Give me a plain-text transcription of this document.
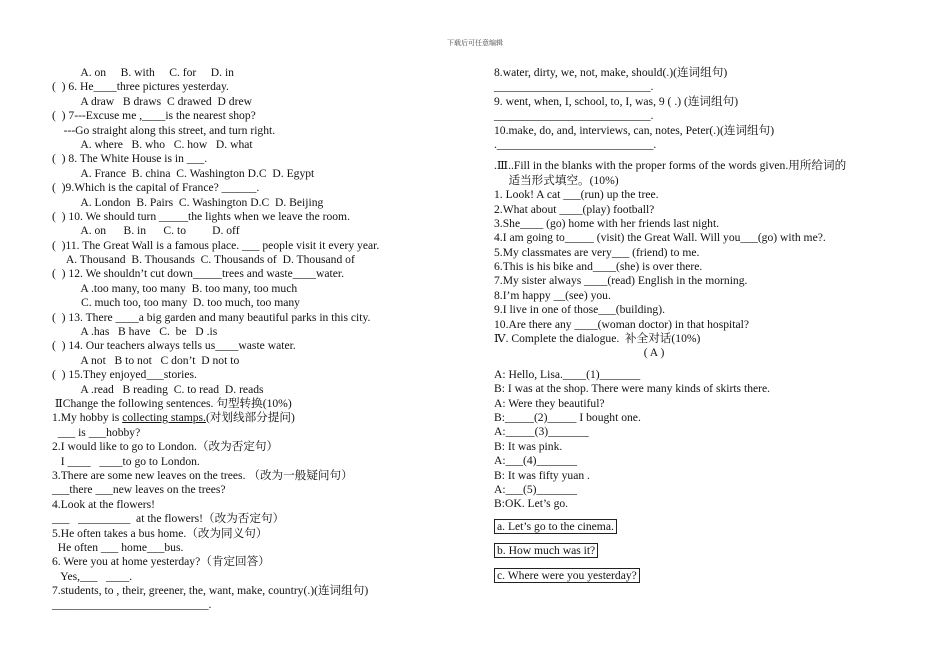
下载后可任意编辑
A. on     B. with     C. for     D. in
(  ) 6. He____three pictures yesterday.
A draw   B draws  C drawed  D drew
(  ) 7---Excuse me ,____is the nearest shop?
---Go straight along this street, and turn right.
A. where   B. who   C. how   D. what
(  ) 8. The White House is in ___.
A. France  B. china  C. Washington D.C  D. Egypt
(  )9.Which is the capital of France? ______.
A. London  B. Pairs  C. Washington D.C  D. Beijing
(  ) 10. We should turn _____the lights when we leave the room.
A. on      B. in      C. to         D. off
(  )11. The Great Wall is a famous place. ___ people visit it every year.
A. Thousand  B. Thousands  C. Thousands of  D. Thousand of
(  ) 12. We shouldn’t cut down_____trees and waste____water.
A .too many, too many  B. too many, too much
C. much too, too many  D. too much, too many
(  ) 13. There ____a big garden and many beautiful parks in this city.
A .has   B have   C.  be   D .is
(  ) 14. Our teachers always tells us____waste water.
A not   B to not   C don’t  D not to
(  ) 15.They enjoyed___stories.
A .read   B reading  C. to read  D. reads
ⅡChange the following sentences. 句型转换(10%)
1.My hobby is collecting stamps.(对划线部分提问)
___ is ___hobby?
2.I would like to go to London.（改为否定句）
I ____   ____to go to London.
3.There are some new leaves on the trees. （改为一般疑问句）
___there ___new leaves on the trees?
4.Look at the flowers!
___   _________  at the flowers!（改为否定句）
5.He often takes a bus home.（改为同义句）
He often ___ home___bus.
6. Were you at home yesterday?（肯定回答）
Yes,___   ____.
7.students, to , their, greener, the, want, make, country(.)(连词组句)
___________________________.
8.water, dirty, we, not, make, should(.)(连词组句)
___________________________.
9. went, when, I, school, to, I, was, 9 ( .) (连词组句)
___________________________.
10.make, do, and, interviews, can, notes, Peter(.)(连词组句)
.___________________________.
.Ⅲ..Fill in the blanks with the proper forms of the words given.用所给词的
适当形式填空。(10%)
1. Look! A cat ___(run) up the tree.
2.What about ____(play) football?
3.She____ (go) home with her friends last night.
4.I am going to_____ (visit) the Great Wall. Will you___(go) with me?.
5.My classmates are very___ (friend) to me.
6.This is his bike and____(she) is over there.
7.My sister always ____(read) English in the morning.
8.I’m happy __(see) you.
9.I live in one of those___(building).
10.Are there any ____(woman doctor) in that hospital?
Ⅳ. Complete the dialogue.  补全对话(10%)
( A )
A: Hello, Lisa.____(1)_______
B: I was at the shop. There were many kinds of skirts there.
A: Were they beautiful?
B:_____(2)_____ I bought one.
A:_____(3)_______
B: It was pink.
A:___(4)_______
B: It was fifty yuan .
A:___(5)_______
B:OK. Let’s go.
a. Let’s go to the cinema.
b. How much was it?
c. Where were you yesterday?
